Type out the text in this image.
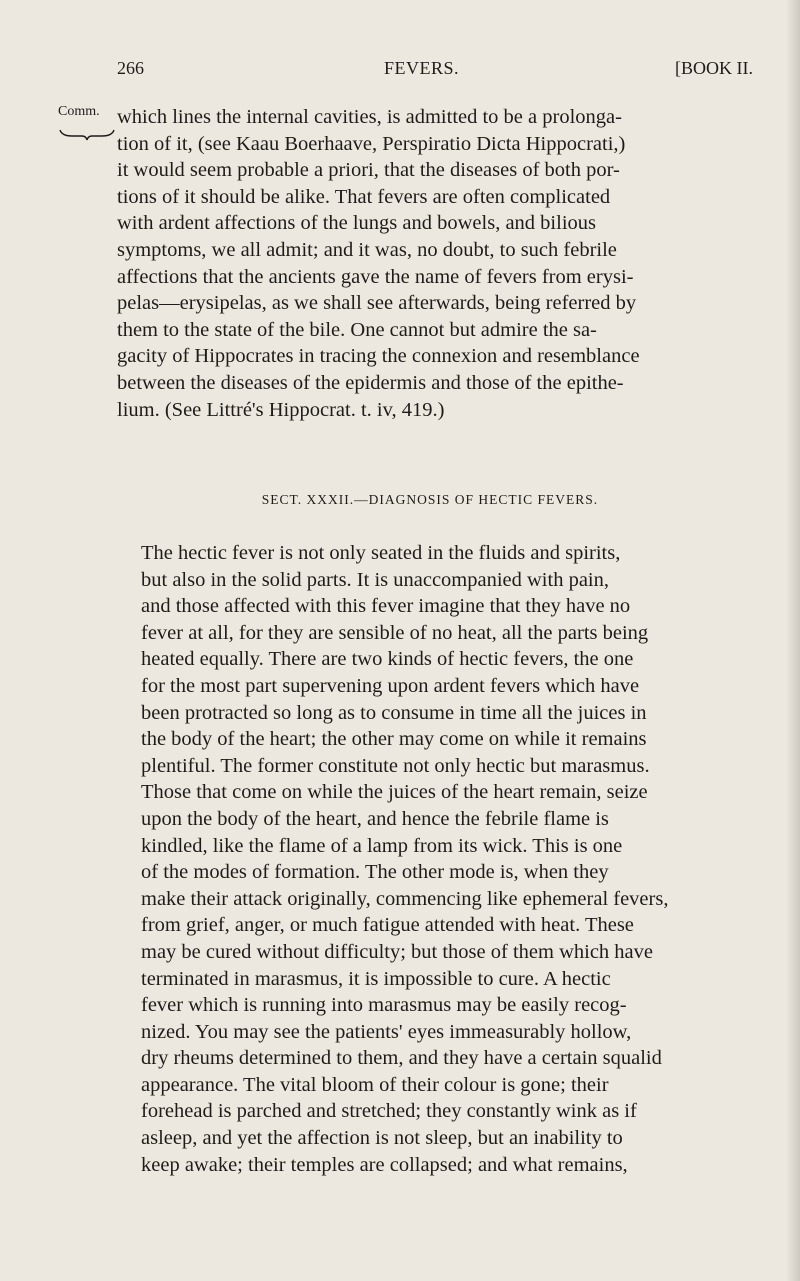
266	FEVERS.	[BOOK II.
Comm. which lines the internal cavities, is admitted to be a prolonga-
tion of it, (see Kaau Boerhaave, Perspiratio Dicta Hippocrati,)
it would seem probable a priori, that the diseases of both por-
tions of it should be alike. That fevers are often complicated
with ardent affections of the lungs and bowels, and bilious
symptoms, we all admit; and it was, no doubt, to such febrile
affections that the ancients gave the name of fevers from erysi-
pelas—erysipelas, as we shall see afterwards, being referred by
them to the state of the bile. One cannot but admire the sa-
gacity of Hippocrates in tracing the connexion and resemblance
between the diseases of the epidermis and those of the epithe-
lium. (See Littré's Hippocrat. t. iv, 419.)
SECT. XXXII.—DIAGNOSIS OF HECTIC FEVERS.
The hectic fever is not only seated in the fluids and spirits,
but also in the solid parts. It is unaccompanied with pain,
and those affected with this fever imagine that they have no
fever at all, for they are sensible of no heat, all the parts being
heated equally. There are two kinds of hectic fevers, the one
for the most part supervening upon ardent fevers which have
been protracted so long as to consume in time all the juices in
the body of the heart; the other may come on while it remains
plentiful. The former constitute not only hectic but marasmus.
Those that come on while the juices of the heart remain, seize
upon the body of the heart, and hence the febrile flame is
kindled, like the flame of a lamp from its wick. This is one
of the modes of formation. The other mode is, when they
make their attack originally, commencing like ephemeral fevers,
from grief, anger, or much fatigue attended with heat. These
may be cured without difficulty; but those of them which have
terminated in marasmus, it is impossible to cure. A hectic
fever which is running into marasmus may be easily recog-
nized. You may see the patients' eyes immeasurably hollow,
dry rheums determined to them, and they have a certain squalid
appearance. The vital bloom of their colour is gone; their
forehead is parched and stretched; they constantly wink as if
asleep, and yet the affection is not sleep, but an inability to
keep awake; their temples are collapsed; and what remains,
